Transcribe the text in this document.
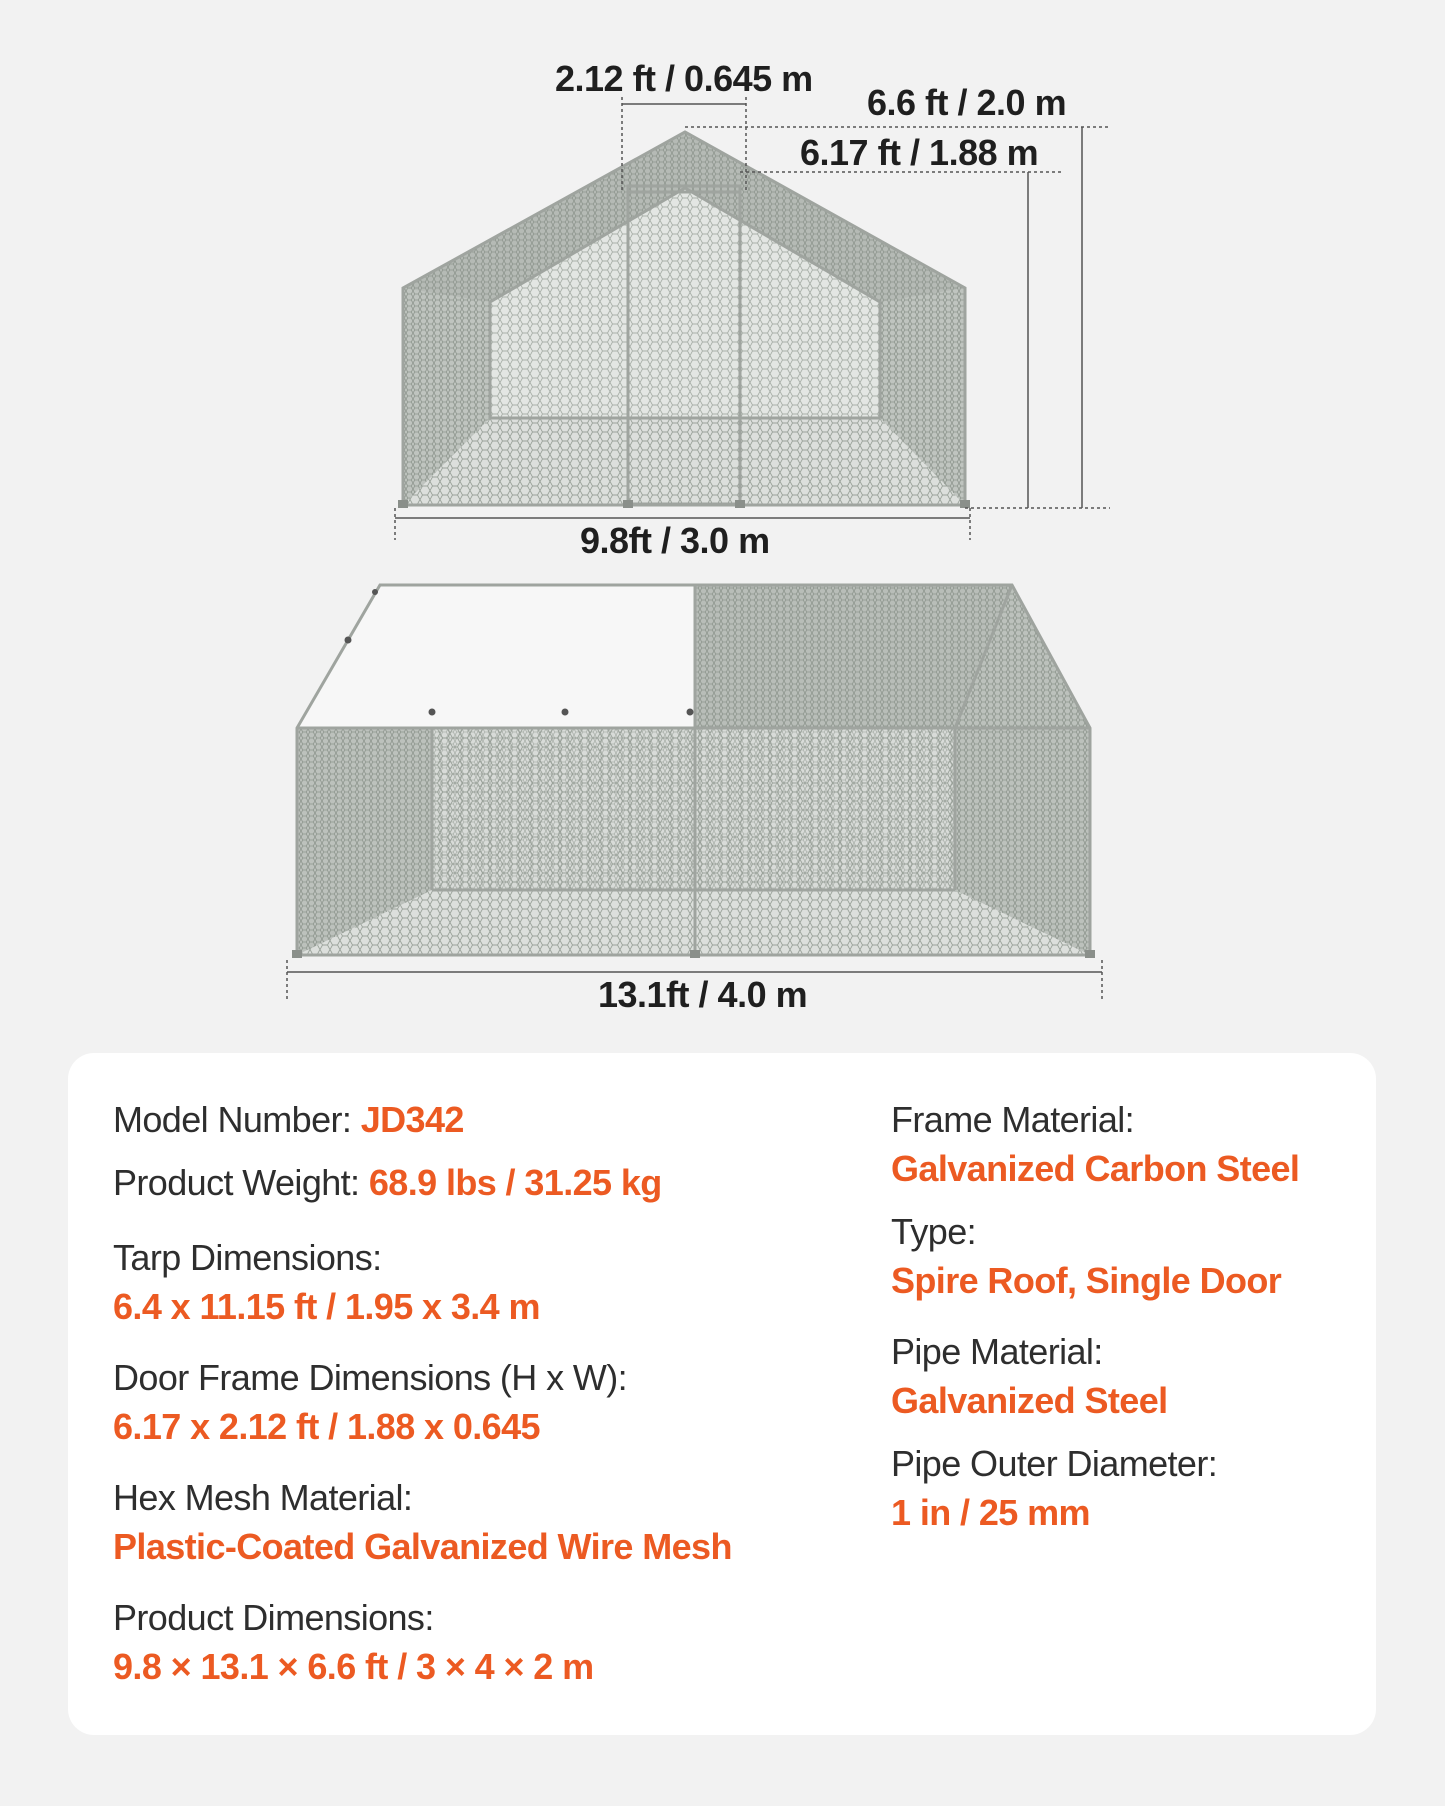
2.12 ft / 0.645 m
6.6 ft / 2.0 m
6.17 ft / 1.88 m
9.8ft / 3.0 m
13.1ft / 4.0 m
Model Number: JD342
Product Weight: 68.9 lbs / 31.25 kg
Tarp Dimensions:
6.4 x 11.15 ft / 1.95 x 3.4 m
Door Frame Dimensions (H x W):
6.17 x 2.12 ft / 1.88 x 0.645
Hex Mesh Material:
Plastic-Coated Galvanized Wire Mesh
Product Dimensions:
9.8 × 13.1 × 6.6 ft / 3 × 4 × 2 m
Frame Material:
Galvanized Carbon Steel
Type:
Spire Roof, Single Door
Pipe Material:
Galvanized Steel
Pipe Outer Diameter:
1 in / 25 mm
